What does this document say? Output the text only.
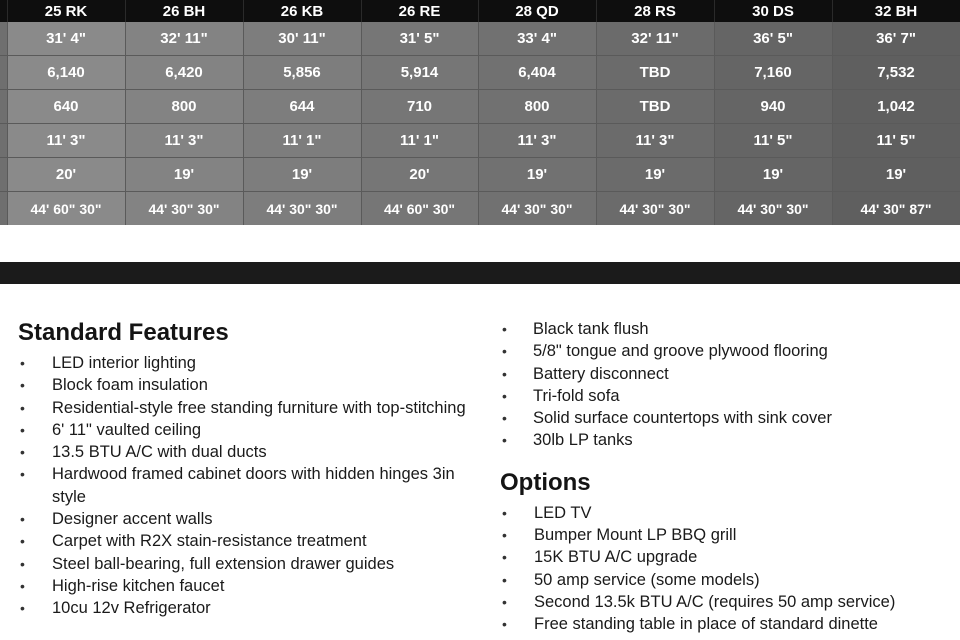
	25 RK	26 BH	26 KB	26 RE	28 QD	28 RS	30 DS	32 BH
	31' 4"	32' 11"	30' 11"	31' 5"	33' 4"	32' 11"	36' 5"	36' 7"
	6,140	6,420	5,856	5,914	6,404	TBD	7,160	7,532
	640	800	644	710	800	TBD	940	1,042
	11' 3"	11' 3"	11' 1"	11' 1"	11' 3"	11' 3"	11' 5"	11' 5"
	20'	19'	19'	20'	19'	19'	19'	19'
	44' 60" 30"	44' 30" 30"	44' 30" 30"	44' 60" 30"	44' 30" 30"	44' 30" 30"	44' 30" 30"	44' 30" 87"
Standard Features
• LED interior lighting
• Block foam insulation
• Residential-style free standing furniture with top-stitching
• 6' 11" vaulted ceiling
• 13.5 BTU A/C with dual ducts
• Hardwood framed cabinet doors with hidden hinges 3in style
• Designer accent walls
• Carpet with R2X stain-resistance treatment
• Steel ball-bearing, full extension drawer guides
• High-rise kitchen faucet
• 10cu 12v Refrigerator
• Black tank flush
• 5/8" tongue and groove plywood flooring
• Battery disconnect
• Tri-fold sofa
• Solid surface countertops with sink cover
• 30lb LP tanks
Options
• LED TV
• Bumper Mount LP BBQ grill
• 15K BTU A/C upgrade
• 50 amp service (some models)
• Second 13.5k BTU A/C (requires 50 amp service)
• Free standing table in place of standard dinette
